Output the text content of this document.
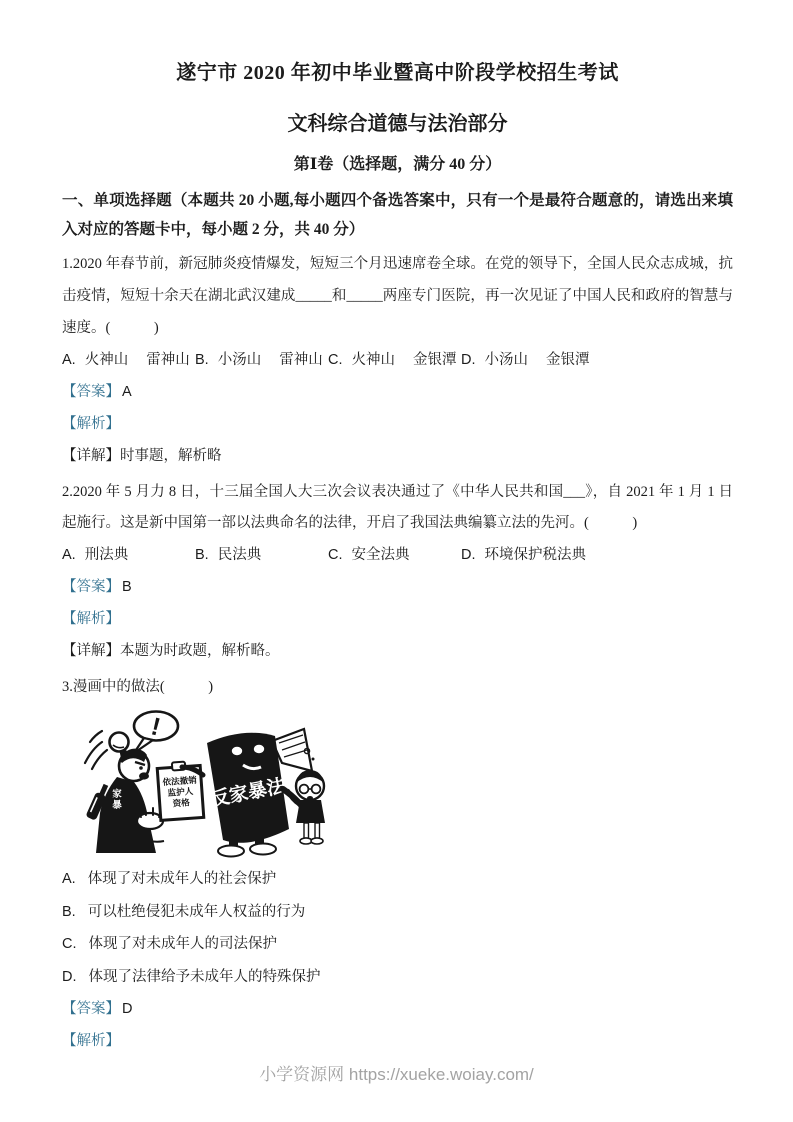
遂宁市 2020 年初中毕业暨高中阶段学校招生考试
文科综合道德与法治部分
第Ⅰ卷（选择题，满分 40 分）

一、单项选择题（本题共 20 小题,每小题四个备选答案中，只有一个是最符合题意的，请选出来填入对应的答题卡中，每小题 2 分，共 40 分）

1.2020 年春节前，新冠肺炎疫情爆发，短短三个月迅速席卷全球。在党的领导下，全国人民众志成城，抗击疫情，短短十余天在湖北武汉建成_____和_____两座专门医院，再一次见证了中国人民和政府的智慧与速度。(　　　)

A. 火神山 雷神山 B. 小汤山 雷神山 C. 火神山 金银潭 D. 小汤山 金银潭

【答案】 A

【解析】

【详解】时事题，解析略

2.2020 年 5 月力 8 日，十三届全国人大三次会议表决通过了《中华人民共和国___》，自 2021 年 1 月 1 日起施行。这是新中国第一部以法典命名的法律，开启了我国法典编纂立法的先河。(　　　)

A. 刑法典	B. 民法典	C. 安全法典	D. 环境保护税法典

【答案】 B

【解析】

【详解】本题为时政题，解析略。

3.漫画中的做法(　　　)

!
家
暴
依法撤销
监护人
资格 反家暴法

A. 体现了对未成年人的社会保护

B. 可以杜绝侵犯未成年人权益的行为

C. 体现了对未成年人的司法保护

D. 体现了法律给予未成年人的特殊保护

【答案】 D

【解析】

小学资源网 https://xueke.woiay.com/
